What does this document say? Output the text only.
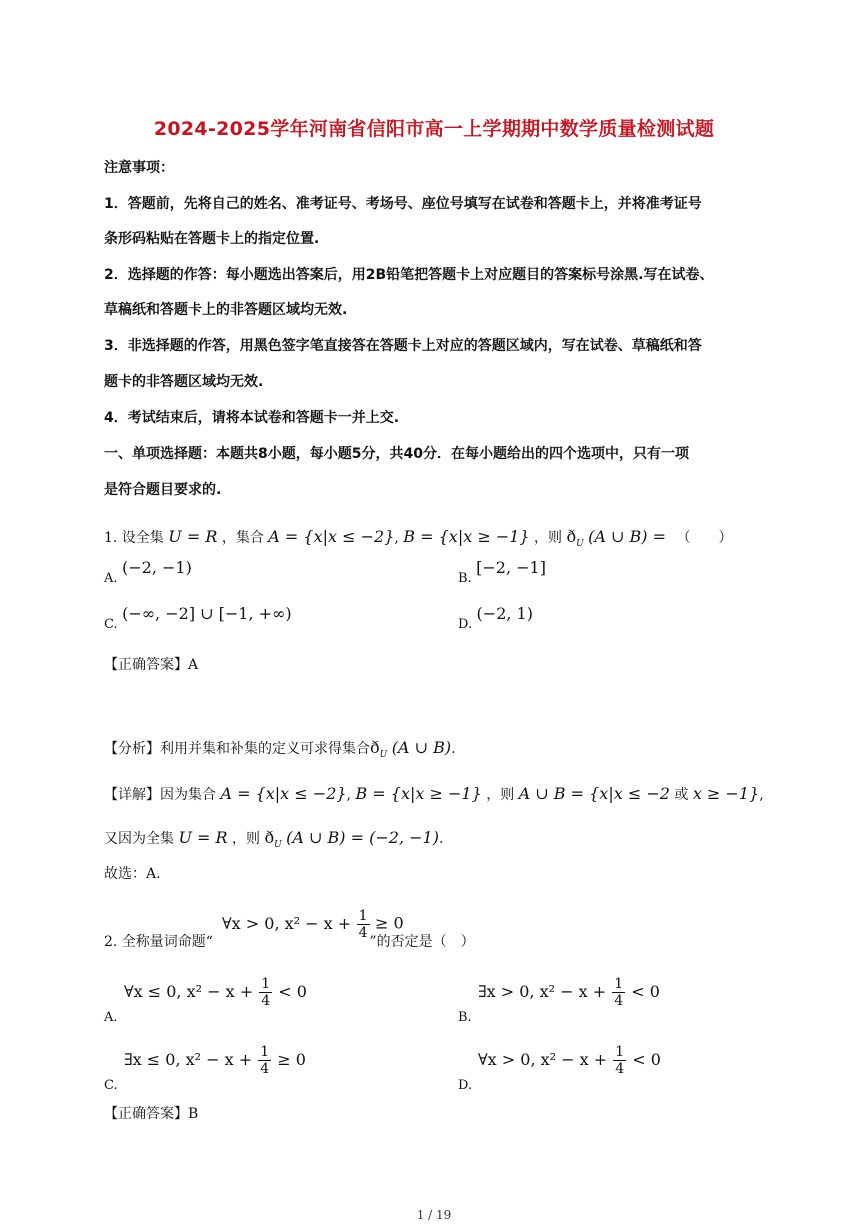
2024-2025学年河南省信阳市高一上学期期中数学质量检测试题
注意事项：
1．答题前，先将自己的姓名、准考证号、考场号、座位号填写在试卷和答题卡上，并将准考证号
条形码粘贴在答题卡上的指定位置.
2．选择题的作答：每小题选出答案后，用2B铅笔把答题卡上对应题目的答案标号涂黑.写在试卷、
草稿纸和答题卡上的非答题区域均无效.
3．非选择题的作答，用黑色签字笔直接答在答题卡上对应的答题区域内，写在试卷、草稿纸和答
题卡的非答题区域均无效.
4．考试结束后，请将本试卷和答题卡一并上交.
一、单项选择题：本题共8小题，每小题5分，共40分．在每小题给出的四个选项中，只有一项
是符合题目要求的.
1. 设全集 U = R ，集合 A = {x|x ≤ −2}, B = {x|x ≥ −1} ，则 $ð_U$ (A ∪ B) = （　　）
A. (−2, −1)
B. [−2, −1]
C. (−∞, −2] ∪ [−1, +∞)
D. (−2, 1)
【正确答案】A
【分析】利用并集和补集的定义可求得集合$ð_U$ (A ∪ B).
【详解】因为集合 A = {x|x ≤ −2}, B = {x|x ≥ −1} ，则 A ∪ B = {x|x ≤ −2 或 x ≥ −1},
又因为全集 U = R ，则 $ð_U$ (A ∪ B) = (−2, −1).
故选：A.
∀x > 0, $x^2 - x + \frac{1}{4} \ge 0$
2. 全称量词命题“	”的否定是（　）
∀x ≤ 0, $x^2 - x + \frac{1}{4} < 0$
A.
∃x > 0, $x^2 - x + \frac{1}{4} < 0$
B.
∃x ≤ 0, $x^2 - x + \frac{1}{4} \ge 0$
C.
∀x > 0, $x^2 - x + \frac{1}{4} < 0$
D.
【正确答案】B
1 / 19
